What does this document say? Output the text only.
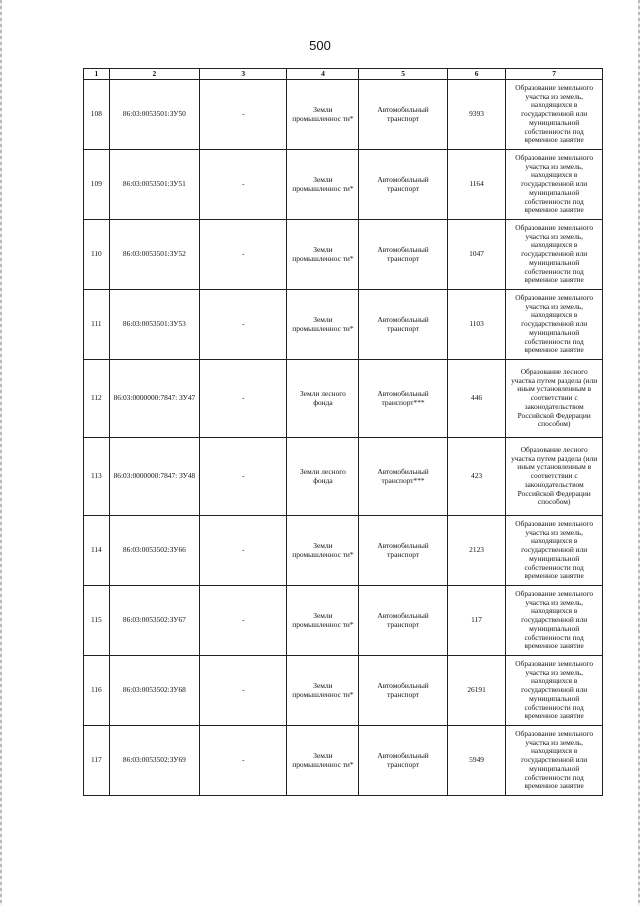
500
1	2	3	4	5	6	7
108	86:03:0053501:ЗУ50	-	Земли промышленнос ти*	Автомобильный транспорт	9393	Образование земельного участка из земель, находящихся в государственной или муниципальной собственности под временное занятие
109	86:03:0053501:ЗУ51	-	Земли промышленнос ти*	Автомобильный транспорт	1164	Образование земельного участка из земель, находящихся в государственной или муниципальной собственности под временное занятие
110	86:03:0053501:ЗУ52	-	Земли промышленнос ти*	Автомобильный транспорт	1047	Образование земельного участка из земель, находящихся в государственной или муниципальной собственности под временное занятие
111	86:03:0053501:ЗУ53	-	Земли промышленнос ти*	Автомобильный транспорт	1103	Образование земельного участка из земель, находящихся в государственной или муниципальной собственности под временное занятие
112	86:03:0000000:7847: ЗУ47	-	Земли лесного фонда	Автомобильный транспорт***	446	Образование лесного участка путем раздела (или иным установленным в соответствии с законодательством Российской Федерации способом)
113	86:03:0000000:7847: ЗУ48	-	Земли лесного фонда	Автомобильный транспорт***	423	Образование лесного участка путем раздела (или иным установленным в соответствии с законодательством Российской Федерации способом)
114	86:03:0053502:ЗУ66	-	Земли промышленнос ти*	Автомобильный транспорт	2123	Образование земельного участка из земель, находящихся в государственной или муниципальной собственности под временное занятие
115	86:03:0053502:ЗУ67	-	Земли промышленнос ти*	Автомобильный транспорт	117	Образование земельного участка из земель, находящихся в государственной или муниципальной собственности под временное занятие
116	86:03:0053502:ЗУ68	-	Земли промышленнос ти*	Автомобильный транспорт	26191	Образование земельного участка из земель, находящихся в государственной или муниципальной собственности под временное занятие
117	86:03:0053502:ЗУ69	-	Земли промышленнос ти*	Автомобильный транспорт	5949	Образование земельного участка из земель, находящихся в государственной или муниципальной собственности под временное занятие
